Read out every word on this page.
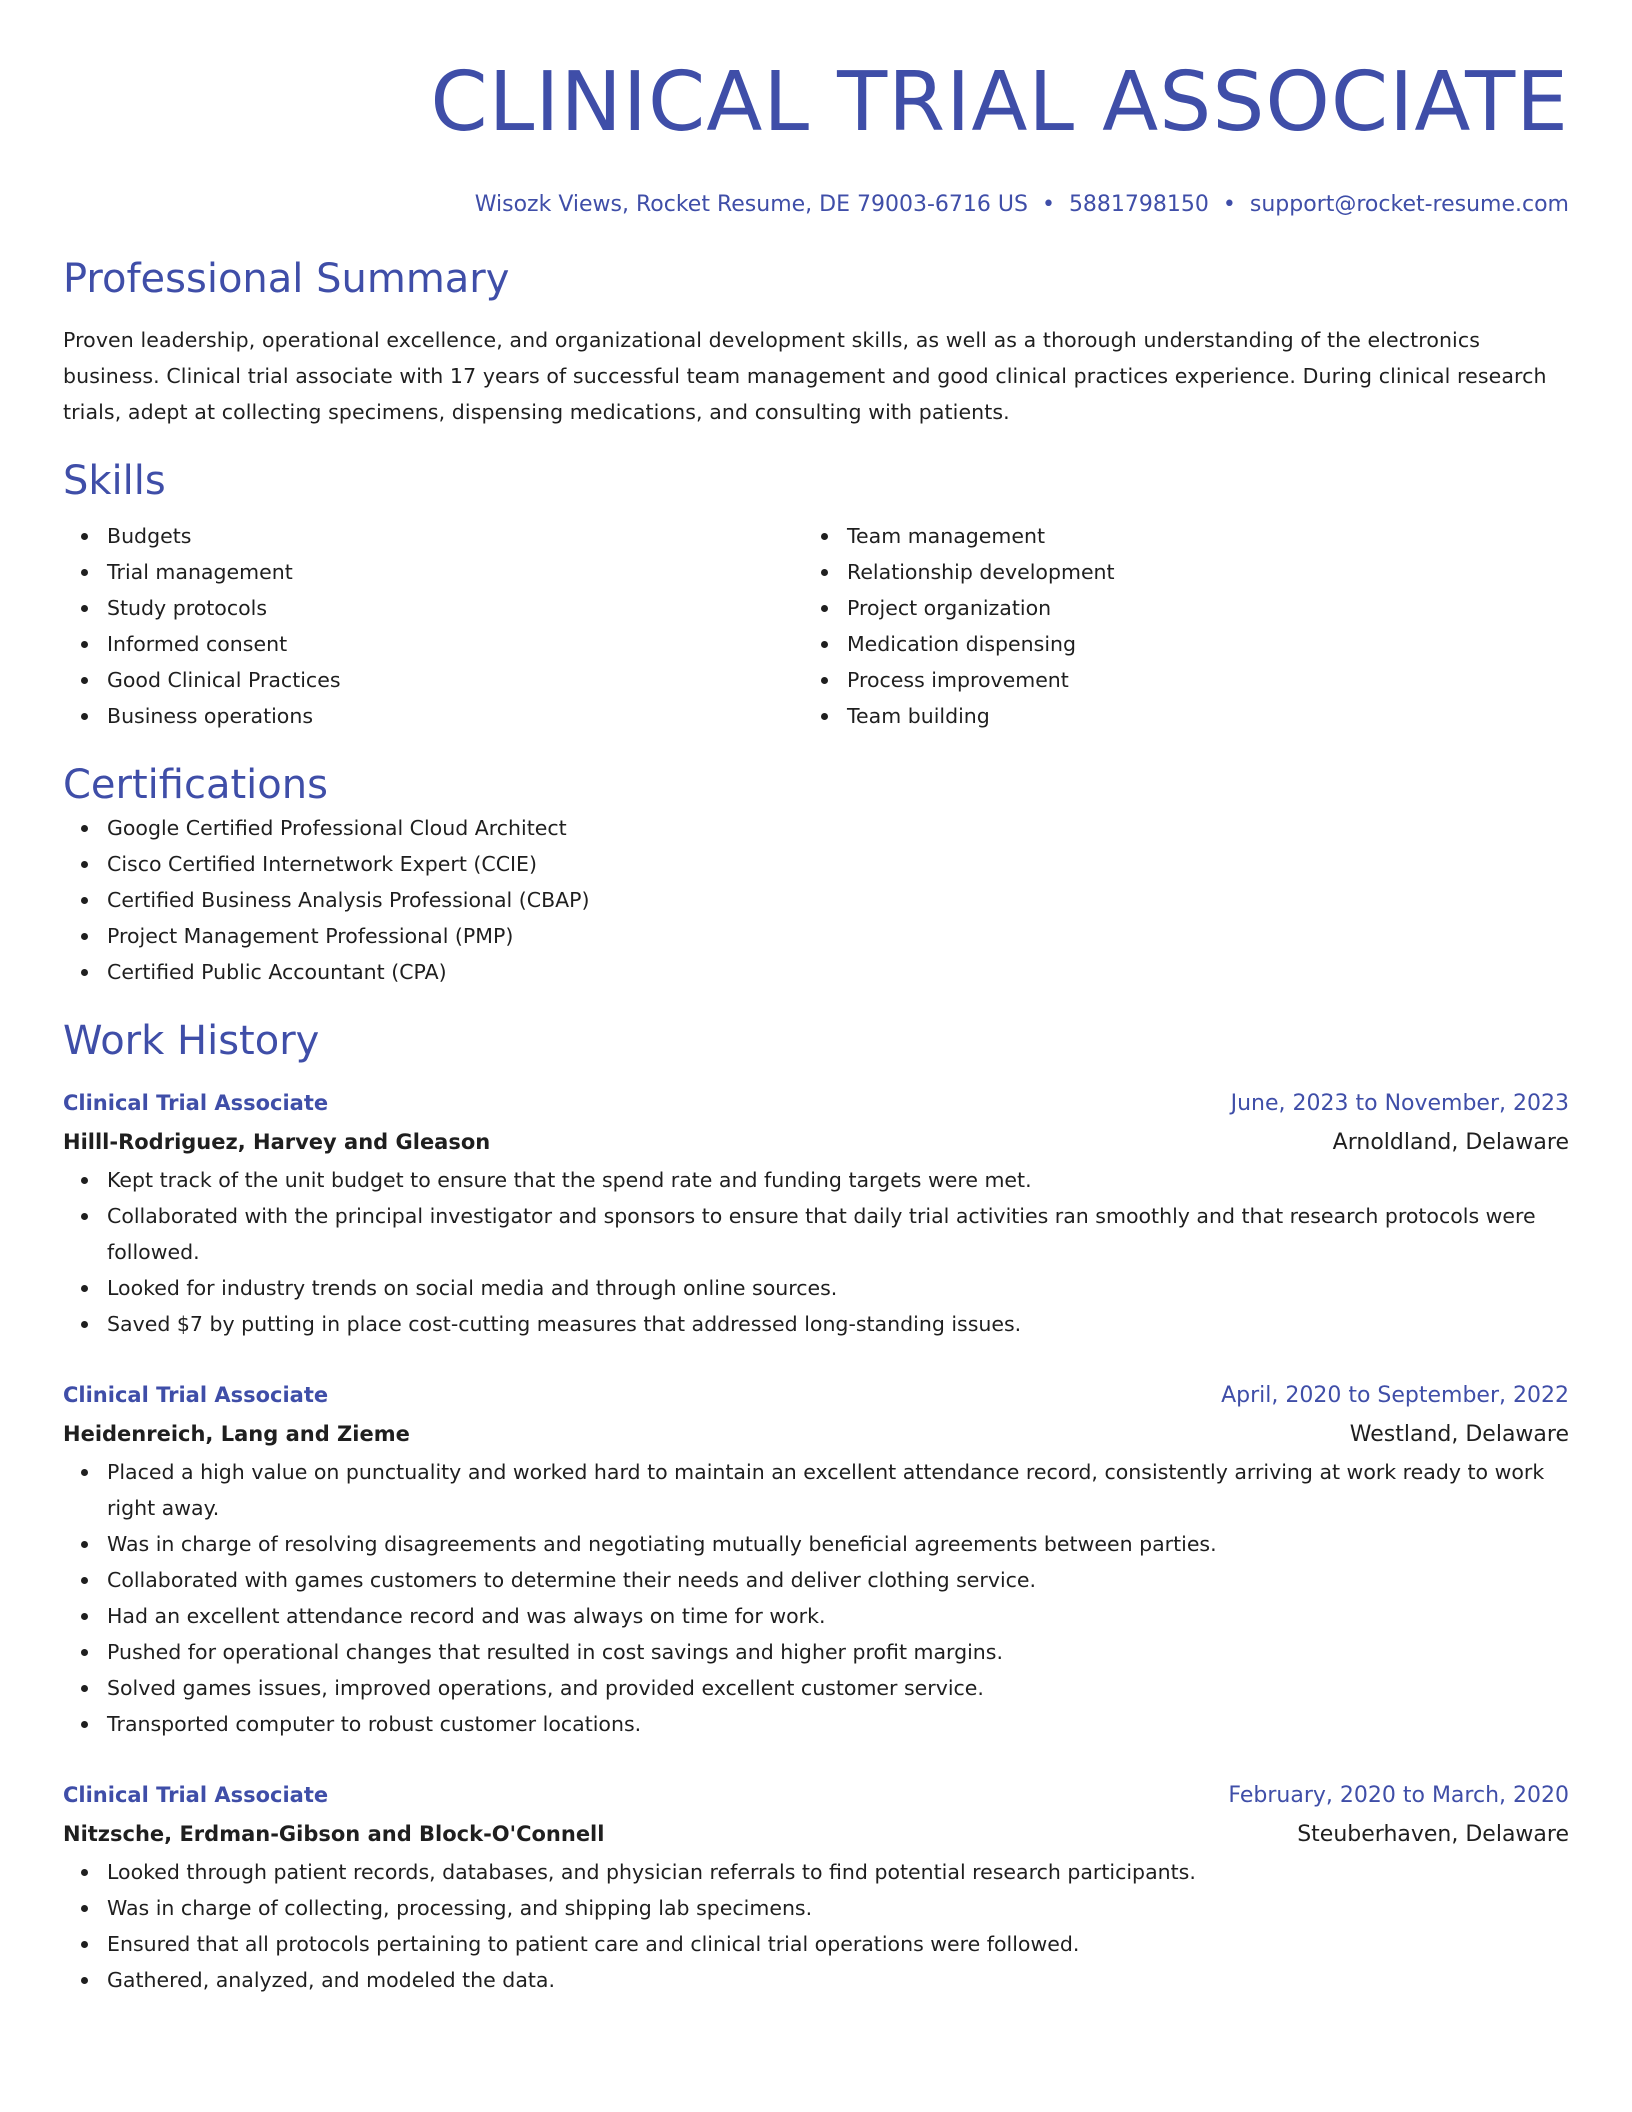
CLINICAL TRIAL ASSOCIATE
Wisozk Views, Rocket Resume, DE 79003-6716 US • 5881798150 • support@rocket-resume.com
Professional Summary

Proven leadership, operational excellence, and organizational development skills, as well as a thorough understanding of the electronics business. Clinical trial associate with 17 years of successful team management and good clinical practices experience. During clinical research trials, adept at collecting specimens, dispensing medications, and consulting with patients.

Skills
Budgets
Trial management
Study protocols
Informed consent
Good Clinical Practices
Business operations
Team management
Relationship development
Project organization
Medication dispensing
Process improvement
Team building
Certifications
Google Certified Professional Cloud Architect
Cisco Certified Internetwork Expert (CCIE)
Certified Business Analysis Professional (CBAP)
Project Management Professional (PMP)
Certified Public Accountant (CPA)
Work History
Clinical Trial Associate	June, 2023 to November, 2023
Hilll-Rodriguez, Harvey and Gleason	Arnoldland, Delaware
Kept track of the unit budget to ensure that the spend rate and funding targets were met.
Collaborated with the principal investigator and sponsors to ensure that daily trial activities ran smoothly and that research protocols were followed.
Looked for industry trends on social media and through online sources.
Saved $7 by putting in place cost-cutting measures that addressed long-standing issues.
Clinical Trial Associate	April, 2020 to September, 2022
Heidenreich, Lang and Zieme	Westland, Delaware
Placed a high value on punctuality and worked hard to maintain an excellent attendance record, consistently arriving at work ready to work right away.
Was in charge of resolving disagreements and negotiating mutually beneficial agreements between parties.
Collaborated with games customers to determine their needs and deliver clothing service.
Had an excellent attendance record and was always on time for work.
Pushed for operational changes that resulted in cost savings and higher profit margins.
Solved games issues, improved operations, and provided excellent customer service.
Transported computer to robust customer locations.
Clinical Trial Associate	February, 2020 to March, 2020
Nitzsche, Erdman-Gibson and Block-O'Connell	Steuberhaven, Delaware
Looked through patient records, databases, and physician referrals to find potential research participants.
Was in charge of collecting, processing, and shipping lab specimens.
Ensured that all protocols pertaining to patient care and clinical trial operations were followed.
Gathered, analyzed, and modeled the data.
